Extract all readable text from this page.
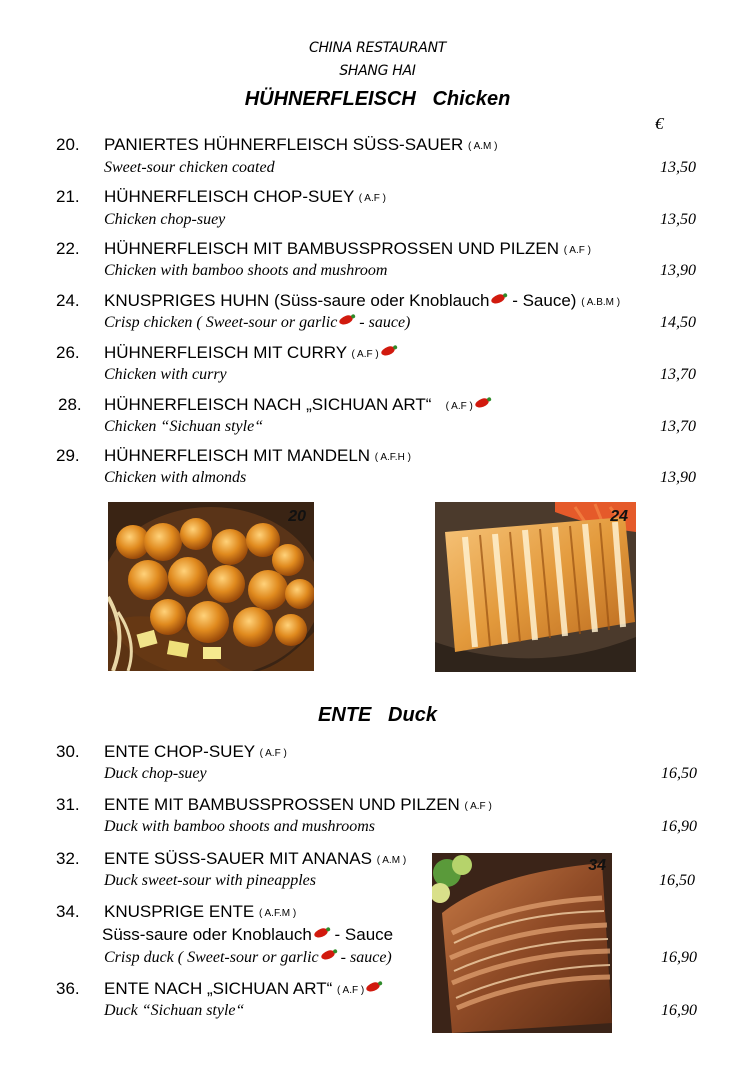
CHINA RESTAURANT
SHANG HAI
HÜHNERFLEISCH   Chicken
€
20. PANIERTES HÜHNERFLEISCH SÜSS-SAUER ( A.M )
Sweet-sour chicken coated	13,50
21. HÜHNERFLEISCH CHOP-SUEY ( A.F )
Chicken chop-suey	13,50
22. HÜHNERFLEISCH MIT BAMBUSSPROSSEN UND PILZEN ( A.F )
Chicken with bamboo shoots and mushroom	13,90
24. KNUSPRIGES HUHN (Süss-saure oder Knoblauch - Sauce) ( A.B.M )
Crisp chicken ( Sweet-sour or garlic - sauce)	14,50
26. HÜHNERFLEISCH MIT CURRY ( A.F )
Chicken with curry	13,70
28. HÜHNERFLEISCH NACH „SICHUAN ART“ ( A.F )
Chicken “Sichuan style“	13,70
29. HÜHNERFLEISCH MIT MANDELN ( A.F.H )
Chicken with almonds	13,90
20	24
ENTE   Duck
34
30. ENTE CHOP-SUEY ( A.F )
Duck chop-suey	16,50
31. ENTE MIT BAMBUSSPROSSEN UND PILZEN ( A.F )
Duck with bamboo shoots and mushrooms	16,90
32. ENTE SÜSS-SAUER MIT ANANAS ( A.M )
Duck sweet-sour with pineapples	16,50
34. KNUSPRIGE ENTE ( A.F.M )
Süss-saure oder Knoblauch - Sauce
Crisp duck ( Sweet-sour or garlic - sauce)	16,90
36. ENTE NACH „SICHUAN ART“ ( A.F )
Duck “Sichuan style“	16,90
